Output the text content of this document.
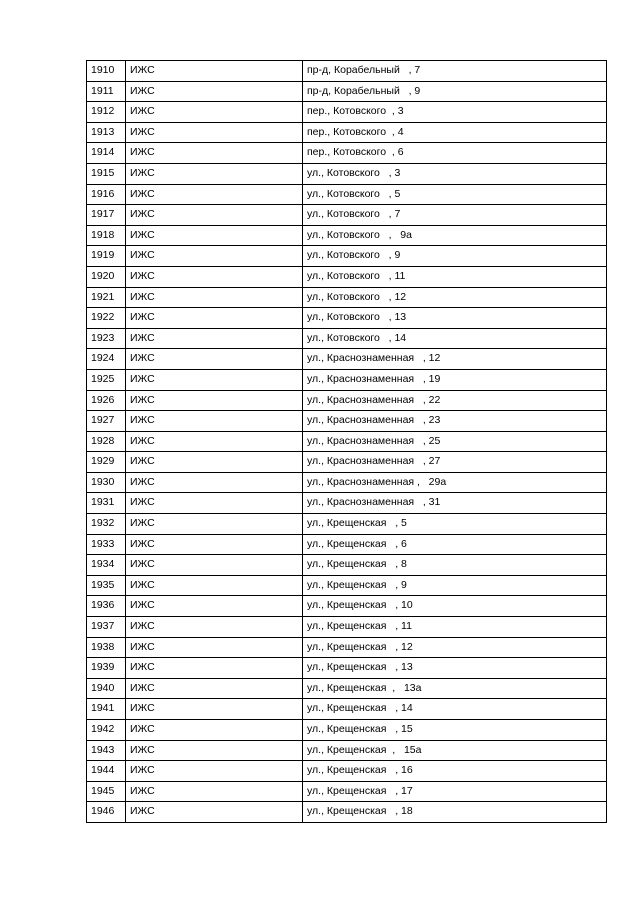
1910	ИЖС	пр-д, Корабельный   , 7
1911	ИЖС	пр-д, Корабельный   , 9
1912	ИЖС	пер., Котовского  , 3
1913	ИЖС	пер., Котовского  , 4
1914	ИЖС	пер., Котовского  , 6
1915	ИЖС	ул., Котовского   , 3
1916	ИЖС	ул., Котовского   , 5
1917	ИЖС	ул., Котовского   , 7
1918	ИЖС	ул., Котовского   ,   9а
1919	ИЖС	ул., Котовского   , 9
1920	ИЖС	ул., Котовского   , 11
1921	ИЖС	ул., Котовского   , 12
1922	ИЖС	ул., Котовского   , 13
1923	ИЖС	ул., Котовского   , 14
1924	ИЖС	ул., Краснознаменная   , 12
1925	ИЖС	ул., Краснознаменная   , 19
1926	ИЖС	ул., Краснознаменная   , 22
1927	ИЖС	ул., Краснознаменная   , 23
1928	ИЖС	ул., Краснознаменная   , 25
1929	ИЖС	ул., Краснознаменная   , 27
1930	ИЖС	ул., Краснознаменная ,   29а
1931	ИЖС	ул., Краснознаменная   , 31
1932	ИЖС	ул., Крещенская   , 5
1933	ИЖС	ул., Крещенская   , 6
1934	ИЖС	ул., Крещенская   , 8
1935	ИЖС	ул., Крещенская   , 9
1936	ИЖС	ул., Крещенская   , 10
1937	ИЖС	ул., Крещенская   , 11
1938	ИЖС	ул., Крещенская   , 12
1939	ИЖС	ул., Крещенская   , 13
1940	ИЖС	ул., Крещенская  ,   13а
1941	ИЖС	ул., Крещенская   , 14
1942	ИЖС	ул., Крещенская   , 15
1943	ИЖС	ул., Крещенская  ,   15а
1944	ИЖС	ул., Крещенская   , 16
1945	ИЖС	ул., Крещенская   , 17
1946	ИЖС	ул., Крещенская   , 18
